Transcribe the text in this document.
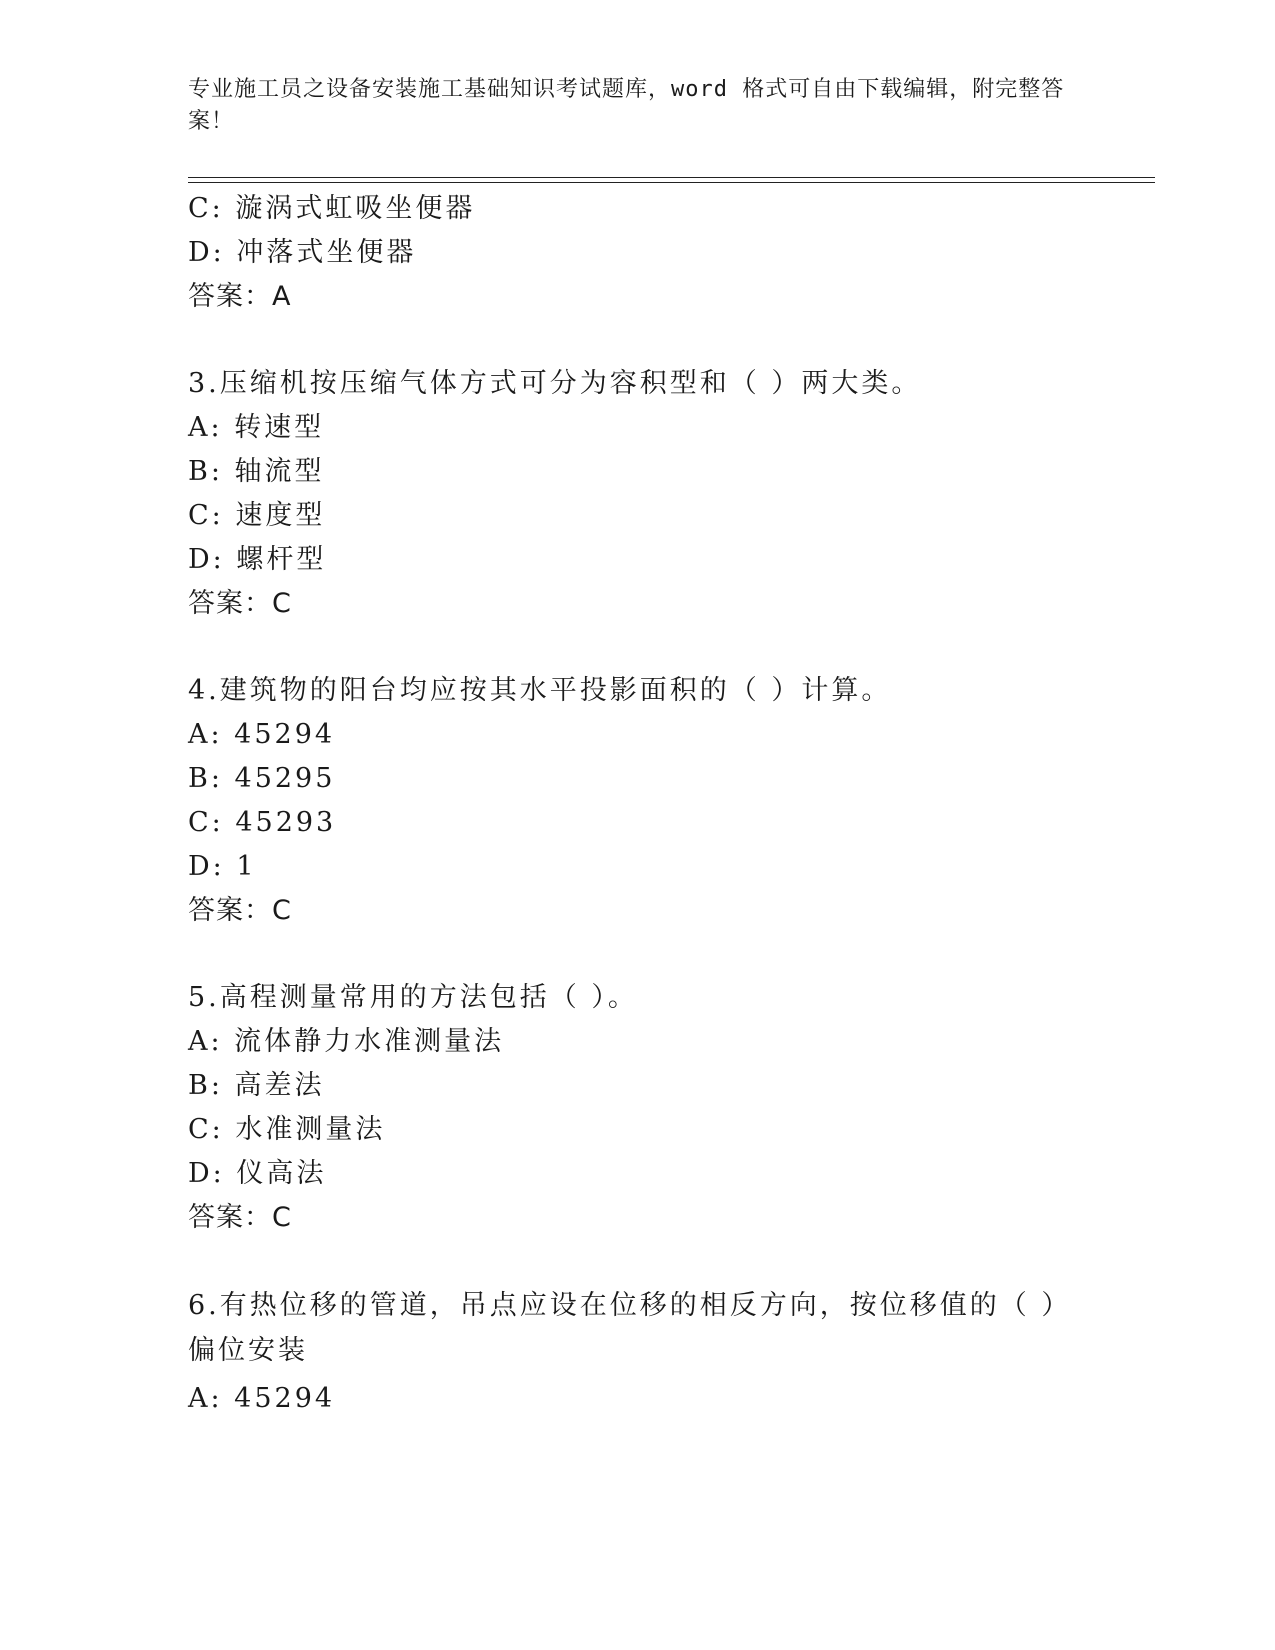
专业施工员之设备安装施工基础知识考试题库，word 格式可自由下载编辑，附完整答案！
C: 漩涡式虹吸坐便器
D: 冲落式坐便器
答案：A
3.压缩机按压缩气体方式可分为容积型和（ ）两大类。
A: 转速型
B: 轴流型
C: 速度型
D: 螺杆型
答案：C
4.建筑物的阳台均应按其水平投影面积的（ ）计算。
A: 45294
B: 45295
C: 45293
D: 1
答案：C
5.高程测量常用的方法包括（ ）。
A: 流体静力水准测量法
B: 高差法
C: 水准测量法
D: 仪高法
答案：C
6.有热位移的管道，吊点应设在位移的相反方向，按位移值的（ ）偏位安装
A: 45294
